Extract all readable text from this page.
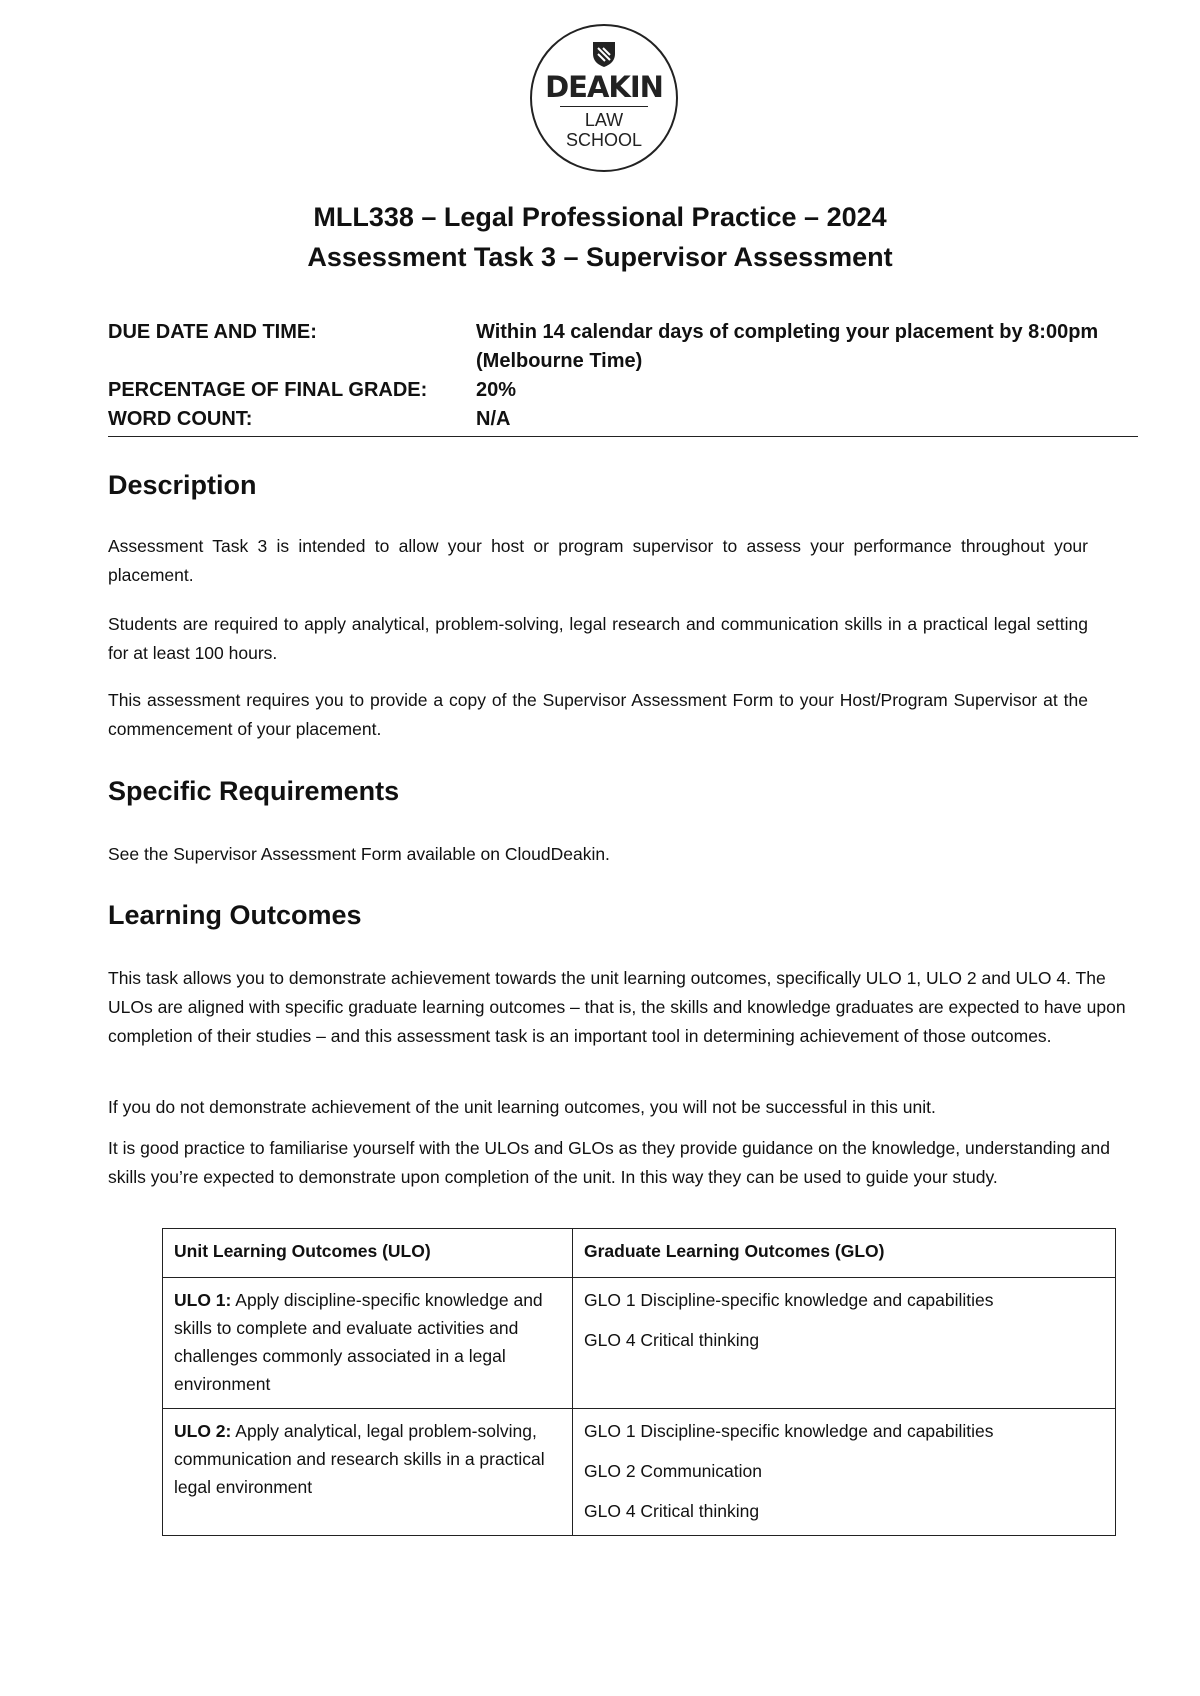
DEAKIN
LAW
SCHOOL
MLL338 – Legal Professional Practice – 2024
Assessment Task 3 – Supervisor Assessment
DUE DATE AND TIME:	Within 14 calendar days of completing your placement by 8:00pm (Melbourne Time)
PERCENTAGE OF FINAL GRADE:	20%
WORD COUNT:	N/A
Description

Assessment Task 3 is intended to allow your host or program supervisor to assess your performance throughout your placement.

Students are required to apply analytical, problem-solving, legal research and communication skills in a practical legal setting for at least 100 hours.

This assessment requires you to provide a copy of the Supervisor Assessment Form to your Host/Program Supervisor at the commencement of your placement.

Specific Requirements

See the Supervisor Assessment Form available on CloudDeakin.

Learning Outcomes

This task allows you to demonstrate achievement towards the unit learning outcomes, specifically ULO 1, ULO 2 and ULO 4. The ULOs are aligned with specific graduate learning outcomes – that is, the skills and knowledge graduates are expected to have upon completion of their studies – and this assessment task is an important tool in determining achievement of those outcomes.

If you do not demonstrate achievement of the unit learning outcomes, you will not be successful in this unit.

It is good practice to familiarise yourself with the ULOs and GLOs as they provide guidance on the knowledge, understanding and skills you’re expected to demonstrate upon completion of the unit. In this way they can be used to guide your study.

Unit Learning Outcomes (ULO)	Graduate Learning Outcomes (GLO)
ULO 1: Apply discipline-specific knowledge and skills to complete and evaluate activities and challenges commonly associated in a legal environment	GLO 1 Discipline-specific knowledge and capabilities
GLO 4 Critical thinking

ULO 2: Apply analytical, legal problem-solving, communication and research skills in a practical legal environment	GLO 1 Discipline-specific knowledge and capabilities
GLO 2 Communication
GLO 4 Critical thinking
